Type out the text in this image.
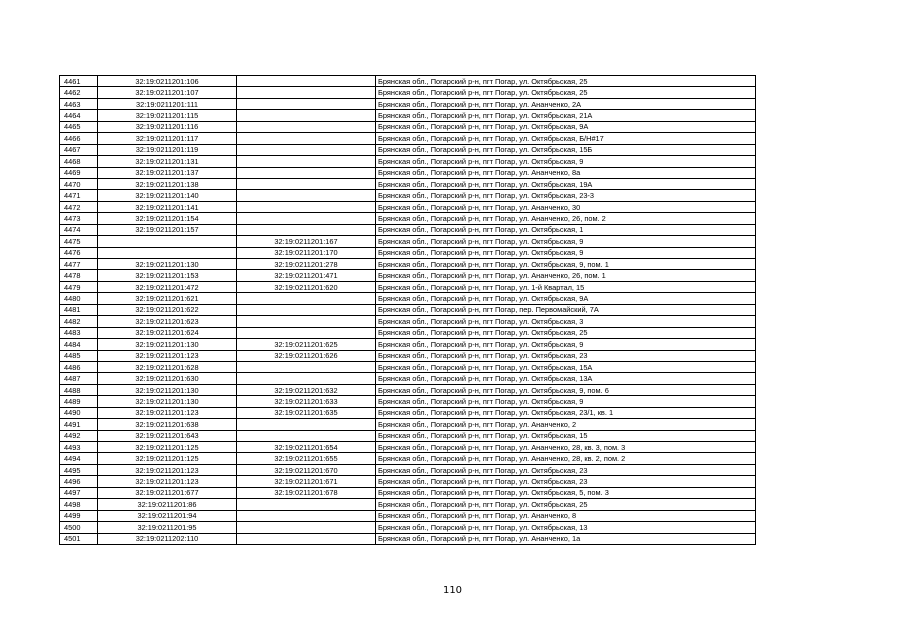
4461	32:19:0211201:106		Брянская обл., Погарский р-н, пгт Погар, ул. Октябрьская, 25
4462	32:19:0211201:107		Брянская обл., Погарский р-н, пгт Погар, ул. Октябрьская, 25
4463	32:19:0211201:111		Брянская обл., Погарский р-н, пгт Погар, ул. Ананченко, 2А
4464	32:19:0211201:115		Брянская обл., Погарский р-н, пгт Погар, ул. Октябрьская, 21А
4465	32:19:0211201:116		Брянская обл., Погарский р-н, пгт Погар, ул. Октябрьская, 9А
4466	32:19:0211201:117		Брянская обл., Погарский р-н, пгт Погар, ул. Октябрьская, Б/Н#17
4467	32:19:0211201:119		Брянская обл., Погарский р-н, пгт Погар, ул. Октябрьская, 15Б
4468	32:19:0211201:131		Брянская обл., Погарский р-н, пгт Погар, ул. Октябрьская, 9
4469	32:19:0211201:137		Брянская обл., Погарский р-н, пгт Погар, ул. Ананченко, 8а
4470	32:19:0211201:138		Брянская обл., Погарский р-н, пгт Погар, ул. Октябрьская, 19А
4471	32:19:0211201:140		Брянская обл., Погарский р-н, пгт Погар, ул. Октябрьская, 23-3
4472	32:19:0211201:141		Брянская обл., Погарский р-н, пгт Погар, ул. Ананченко, 30
4473	32:19:0211201:154		Брянская обл., Погарский р-н, пгт Погар, ул. Ананченко, 26, пом. 2
4474	32:19:0211201:157		Брянская обл., Погарский р-н, пгт Погар, ул. Октябрьская, 1
4475		32:19:0211201:167	Брянская обл., Погарский р-н, пгт Погар, ул. Октябрьская, 9
4476		32:19:0211201:170	Брянская обл., Погарский р-н, пгт Погар, ул. Октябрьская, 9
4477	32:19:0211201:130	32:19:0211201:278	Брянская обл., Погарский р-н, пгт Погар, ул. Октябрьская, 9, пом. 1
4478	32:19:0211201:153	32:19:0211201:471	Брянская обл., Погарский р-н, пгт Погар, ул. Ананченко, 26, пом. 1
4479	32:19:0211201:472	32:19:0211201:620	Брянская обл., Погарский р-н, пгт Погар, ул. 1-й Квартал, 15
4480	32:19:0211201:621		Брянская обл., Погарский р-н, пгт Погар, ул. Октябрьская, 9А
4481	32:19:0211201:622		Брянская обл., Погарский р-н, пгт Погар, пер. Первомайский, 7А
4482	32:19:0211201:623		Брянская обл., Погарский р-н, пгт Погар, ул. Октябрьская, 3
4483	32:19:0211201:624		Брянская обл., Погарский р-н, пгт Погар, ул. Октябрьская, 25
4484	32:19:0211201:130	32:19:0211201:625	Брянская обл., Погарский р-н, пгт Погар, ул. Октябрьская, 9
4485	32:19:0211201:123	32:19:0211201:626	Брянская обл., Погарский р-н, пгт Погар, ул. Октябрьская, 23
4486	32:19:0211201:628		Брянская обл., Погарский р-н, пгт Погар, ул. Октябрьская, 15А
4487	32:19:0211201:630		Брянская обл., Погарский р-н, пгт Погар, ул. Октябрьская, 13А
4488	32:19:0211201:130	32:19:0211201:632	Брянская обл., Погарский р-н, пгт Погар, ул. Октябрьская, 9, пом. 6
4489	32:19:0211201:130	32:19:0211201:633	Брянская обл., Погарский р-н, пгт Погар, ул. Октябрьская, 9
4490	32:19:0211201:123	32:19:0211201:635	Брянская обл., Погарский р-н, пгт Погар, ул. Октябрьская, 23/1, кв. 1
4491	32:19:0211201:638		Брянская обл., Погарский р-н, пгт Погар, ул. Ананченко, 2
4492	32:19:0211201:643		Брянская обл., Погарский р-н, пгт Погар, ул. Октябрьская, 15
4493	32:19:0211201:125	32:19:0211201:654	Брянская обл., Погарский р-н, пгт Погар, ул. Ананченко, 28, кв. 3, пом. 3
4494	32:19:0211201:125	32:19:0211201:655	Брянская обл., Погарский р-н, пгт Погар, ул. Ананченко, 28, кв. 2, пом. 2
4495	32:19:0211201:123	32:19:0211201:670	Брянская обл., Погарский р-н, пгт Погар, ул. Октябрьская, 23
4496	32:19:0211201:123	32:19:0211201:671	Брянская обл., Погарский р-н, пгт Погар, ул. Октябрьская, 23
4497	32:19:0211201:677	32:19:0211201:678	Брянская обл., Погарский р-н, пгт Погар, ул. Октябрьская, 5, пом. 3
4498	32:19:0211201:86		Брянская обл., Погарский р-н, пгт Погар, ул. Октябрьская, 25
4499	32:19:0211201:94		Брянская обл., Погарский р-н, пгт Погар, ул. Ананченко, 8
4500	32:19:0211201:95		Брянская обл., Погарский р-н, пгт Погар, ул. Октябрьская, 13
4501	32:19:0211202:110		Брянская обл., Погарский р-н, пгт Погар, ул. Ананченко, 1а
110
